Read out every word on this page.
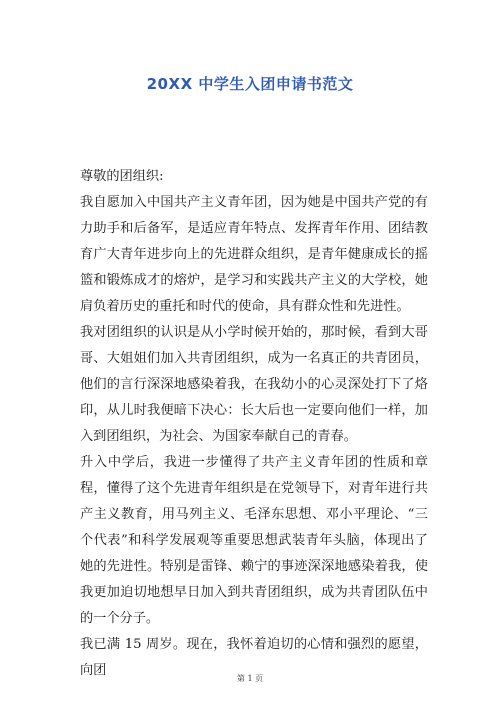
20XX 中学生入团申请书范文

尊敬的团组织:

我自愿加入中国共产主义青年团，因为她是中国共产党的有力助手和后备军，是适应青年特点、发挥青年作用、团结教育广大青年进步向上的先进群众组织，是青年健康成长的摇篮和锻炼成才的熔炉，是学习和实践共产主义的大学校，她肩负着历史的重托和时代的使命，具有群众性和先进性。

我对团组织的认识是从小学时候开始的，那时候，看到大哥哥、大姐姐们加入共青团组织，成为一名真正的共青团员，他们的言行深深地感染着我，在我幼小的心灵深处打下了烙印，从儿时我便暗下决心：长大后也一定要向他们一样，加入到团组织，为社会、为国家奉献自己的青春。

升入中学后，我进一步懂得了共产主义青年团的性质和章程，懂得了这个先进青年组织是在党领导下，对青年进行共产主义教育，用马列主义、毛泽东思想、邓小平理论、“三个代表”和科学发展观等重要思想武装青年头脑，体现出了她的先进性。特别是雷锋、赖宁的事迹深深地感染着我，使我更加迫切地想早日加入到共青团组织，成为共青团队伍中的一个分子。

我已满 15 周岁。现在，我怀着迫切的心情和强烈的愿望，向团

第 1 页
